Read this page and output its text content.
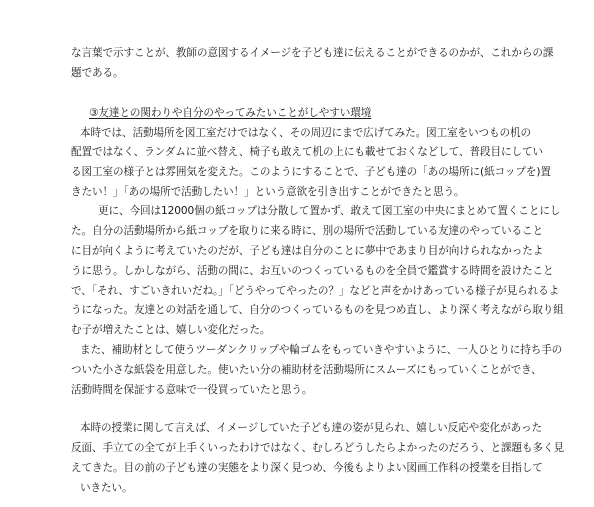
な言葉で示すことが、教師の意図するイメージを子ども達に伝えることができるのかが、これからの課
題である。
③友達との関わりや自分のやってみたいことがしやすい環境
本時では、活動場所を図工室だけではなく、その周辺にまで広げてみた。図工室をいつもの机の
配置ではなく、ランダムに並べ替え、椅子も敢えて机の上にも載せておくなどして、普段目にしてい
る図工室の様子とは雰囲気を変えた。このようにすることで、子ども達の「あの場所に(紙コップを)置
きたい！」「あの場所で活動したい！」という意欲を引き出すことができたと思う。
更に、今回は12000個の紙コップは分散して置かず、敢えて図工室の中央にまとめて置くことにし
た。自分の活動場所から紙コップを取りに来る時に、別の場所で活動している友達のやっていること
に目が向くように考えていたのだが、子ども達は自分のことに夢中であまり目が向けられなかったよ
うに思う。しかしながら、活動の間に、お互いのつくっているものを全員で鑑賞する時間を設けたこと
で、「それ、すごいきれいだね。」「どうやってやったの？」などと声をかけあっている様子が見られるよ
うになった。友達との対話を通して、自分のつくっているものを見つめ直し、より深く考えながら取り組
む子が増えたことは、嬉しい変化だった。
また、補助材として使うツーダンクリップや輪ゴムをもっていきやすいように、一人ひとりに持ち手の
ついた小さな紙袋を用意した。使いたい分の補助材を活動場所にスムーズにもっていくことができ、
活動時間を保証する意味で一役買っていたと思う。
本時の授業に関して言えば、イメージしていた子ども達の姿が見られ、嬉しい反応や変化があった
反面、手立ての全てが上手くいったわけではなく、むしろどうしたらよかったのだろう、と課題も多く見
えてきた。目の前の子ども達の実態をより深く見つめ、今後もよりよい図画工作科の授業を目指して
いきたい。
